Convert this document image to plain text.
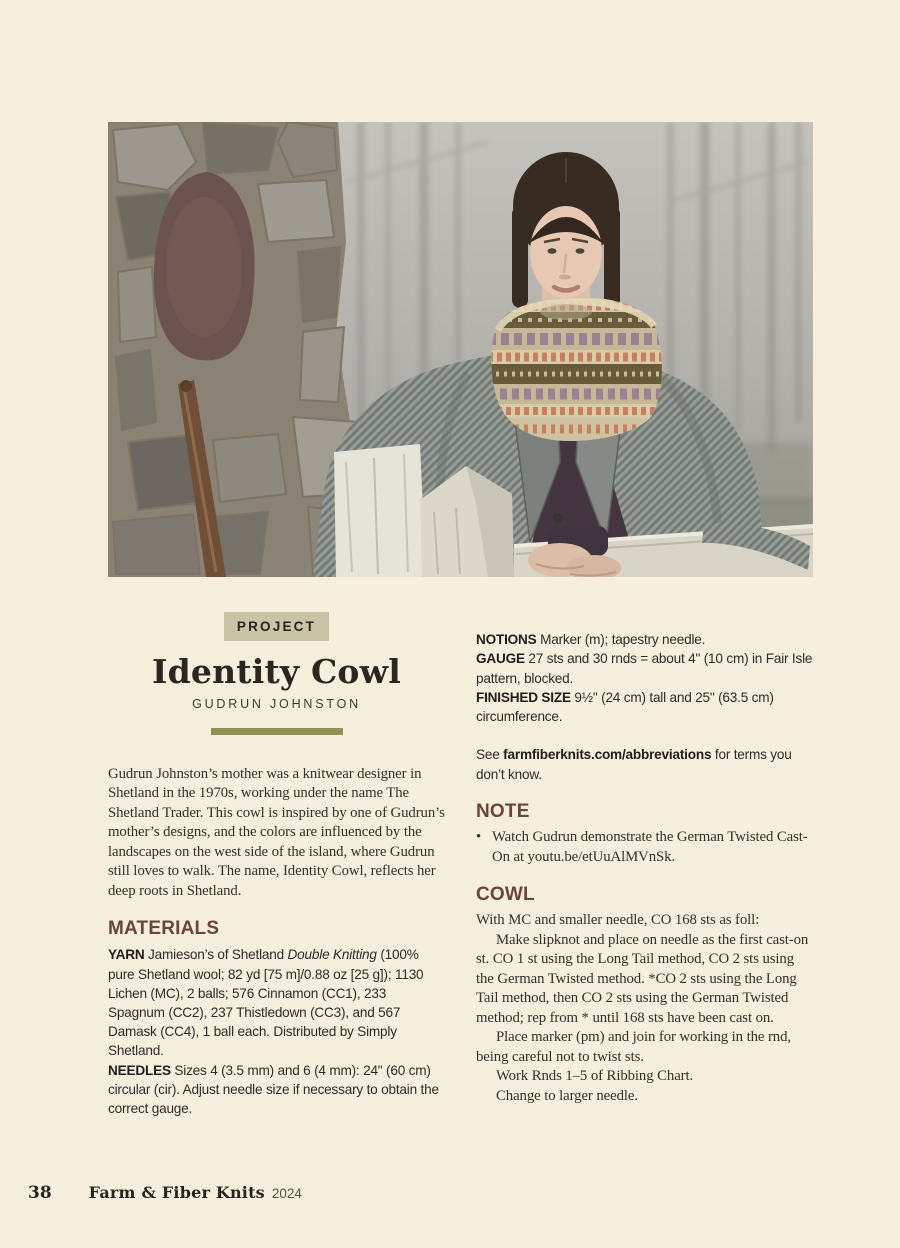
PROJECT
Identity Cowl
GUDRUN JOHNSTON

Gudrun Johnston’s mother was a knitwear designer in Shetland in the 1970s, working under the name The Shetland Trader. This cowl is inspired by one of Gudrun’s mother’s designs, and the colors are influenced by the landscapes on the west side of the island, where Gudrun still loves to walk. The name, Identity Cowl, reflects her deep roots in Shetland.

MATERIALS

YARN Jamieson’s of Shetland Double Knitting (100% pure Shetland wool; 82 yd [75 m]/0.88 oz [25 g]); 1130 Lichen (MC), 2 balls; 576 Cinnamon (CC1), 233 Spagnum (CC2), 237 Thistledown (CC3), and 567 Damask (CC4), 1 ball each. Distributed by Simply Shetland.

NEEDLES Sizes 4 (3.5 mm) and 6 (4 mm): 24" (60 cm) circular (cir). Adjust needle size if necessary to obtain the correct gauge.

NOTIONS Marker (m); tapestry needle.
GAUGE 27 sts and 30 rnds = about 4" (10 cm) in Fair Isle pattern, blocked.
FINISHED SIZE 9½" (24 cm) tall and 25" (63.5 cm) circumference.

See farmfiberknits.com/abbreviations for terms you don’t know.

NOTE
• Watch Gudrun demonstrate the German Twisted Cast-On at youtu.be/etUuAlMVnSk.
COWL

With MC and smaller needle, CO 168 sts as foll:

Make slipknot and place on needle as the first cast-on st. CO 1 st using the Long Tail method, CO 2 sts using the German Twisted method. *CO 2 sts using the Long Tail method, then CO 2 sts using the German Twisted method; rep from * until 168 sts have been cast on.

Place marker (pm) and join for working in the rnd, being careful not to twist sts.

Work Rnds 1–5 of Ribbing Chart.

Change to larger needle.

38 Farm & Fiber Knits 2024
